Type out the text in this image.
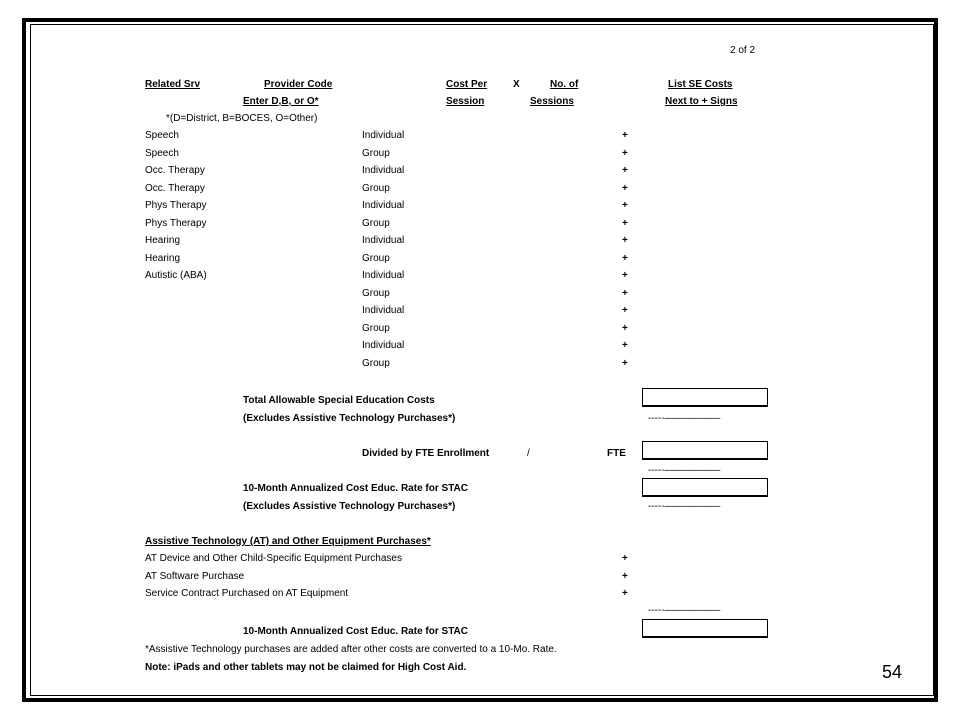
2 of 2
Related Srv	Provider Code
Enter D,B, or O*
Cost Per
Session
X	No. of
Sessions
List SE Costs
Next to + Signs
*(D=District, B=BOCES, O=Other)
Speech	Individual	+
Speech	Group	+
Occ. Therapy	Individual	+
Occ. Therapy	Group	+
Phys Therapy	Individual	+
Phys Therapy	Group	+
Hearing	Individual	+
Hearing	Group	+
Autistic (ABA)	Individual	+
Group	+
Individual	+
Group	+
Individual	+
Group	+
Total Allowable Special Education Costs
(Excludes Assistive Technology Purchases*)	-----––––––––––
Divided by FTE Enrollment	/	FTE
-----––––––––––
10-Month Annualized Cost Educ. Rate for STAC
(Excludes Assistive Technology Purchases*)	-----––––––––––
Assistive Technology (AT) and Other Equipment Purchases*
AT Device and Other Child-Specific Equipment Purchases	+
AT Software Purchase	+
Service Contract Purchased on AT Equipment	+
-----––––––––––
10-Month Annualized Cost Educ. Rate for STAC
*Assistive Technology purchases are added after other costs are converted to a 10-Mo. Rate.
Note: iPads and other tablets may not be claimed for High Cost Aid.	54
